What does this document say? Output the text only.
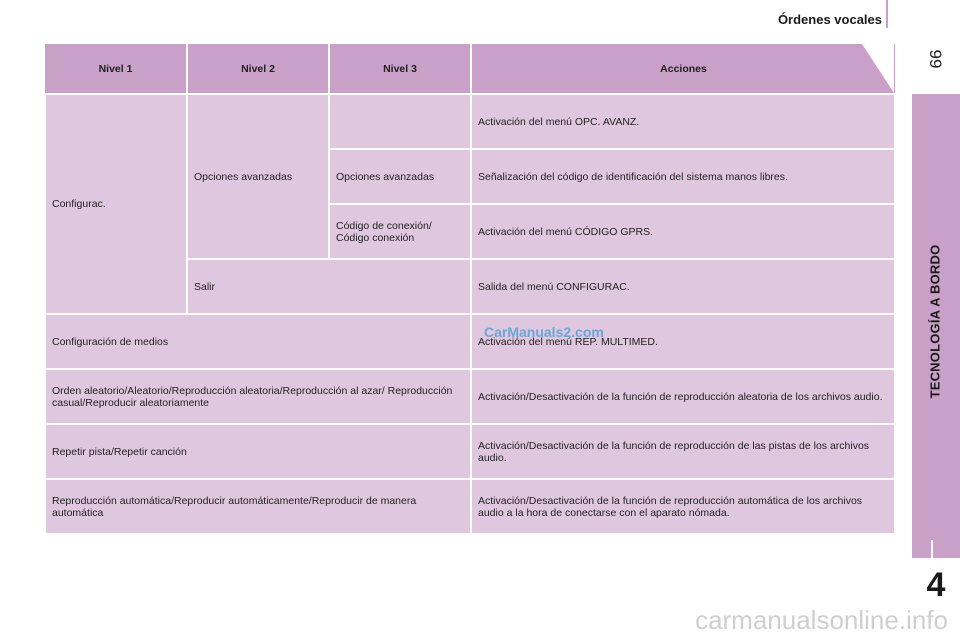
Órdenes vocales
99
TECNOLOGÍA A BORDO
4
Nivel 1	Nivel 2	Nivel 3	Acciones
Configurac.	Opciones avanzadas		Activación del menú OPC. AVANZ.
		Opciones avanzadas	Señalización del código de identificación del sistema manos libres.
		Código de conexión/ Código conexión	Activación del menú CÓDIGO GPRS.
	Salir		Salida del menú CONFIGURAC.
Configuración de medios			Activación del menú REP. MULTIMED.
Orden aleatorio/Aleatorio/Reproducción aleatoria/Reproducción al azar/ Reproducción casual/Reproducir aleatoriamente			Activación/Desactivación de la función de reproducción aleatoria de los archivos audio.
Repetir pista/Repetir canción			Activación/Desactivación de la función de reproducción de las pistas de los archivos audio.
Reproducción automática/Reproducir automáticamente/Reproducir de manera automática			Activación/Desactivación de la función de reproducción automática de los archivos audio a la hora de conectarse con el aparato nómada.
CarManuals2.com
carmanualsonline.info
